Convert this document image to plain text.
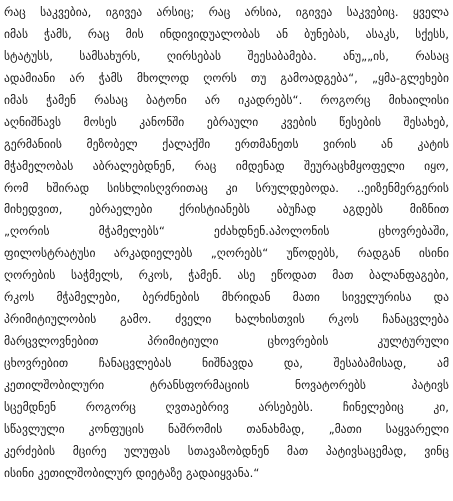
რაც საკვებია, იგივეა არსიც; რაც არსია, იგივეა საკვებიც. ყველა
იმას ჭამს, რაც მის ინდივიდუალობას ან ბუნებას, ასაკს, სქესს,
სტატუსს, სამსახურს, ღირსებას შეესაბამება. ანუ„„ის, რასაც
ადამიანი არ ჭამს მხოლოდ ღორს თუ გამოადგება“, „ყმა-გლეხები
იმას ჭამენ რასაც ბატონი არ იკადრებს“. როგორც მიხაილისი
აღნიშნავს მოსეს კანონში ებრაული კვების წესების შესახებ,
გერმანიის მეზობელ ქალაქში ერთმანეთს ვირის ან კატის
მჭამელობას აბრალებდნენ, რაც იმდენად შეურაცხმყოფელი იყო,
რომ ხშირად სისხლისღვრითაც კი სრულდებოდა. ..ეიზენმერგერის
მიხედვით, ებრაელები ქრისტიანებს აბუჩად აგდებს მიზნით
„ღორის მჭამელებს“ ეძახდნენ.აპოლონის ცხოვრებაში,
ფილოსტრატუსი არკადიელებს „ღორებს“ უწოდებს, რადგან ისინი
ღორების საჭმელს, რკოს, ჭამენ. ასე ეწოდათ მათ ბალანფაგები,
რკოს მჭამელები, ბერძნების მხრიდან მათი სიველურისა და
პრიმიტიულობის გამო. ძველი ხალხისთვის რკოს ჩანაცვლება
მარცვლოვნებით პრიმიტიული ცხოვრების კულტურული
ცხოვრებით ჩანაცვლებას ნიშნავდა და, შესაბამისად, ამ
კეთილშობილური ტრანსფორმაციის ნოვატორებს პატივს
სცემდნენ როგორც ღვთაებრივ არსებებს. ჩინელებიც კი,
სწავლული კონფუცის ნაშრომის თანახმად, „მათი საყვარელი
კერძების მცირე ულუფას სთავაზობდნენ მათ პატივსაცემად, ვინც
ისინი კეთილშობილურ დიეტაზე გადაიყვანა.“
